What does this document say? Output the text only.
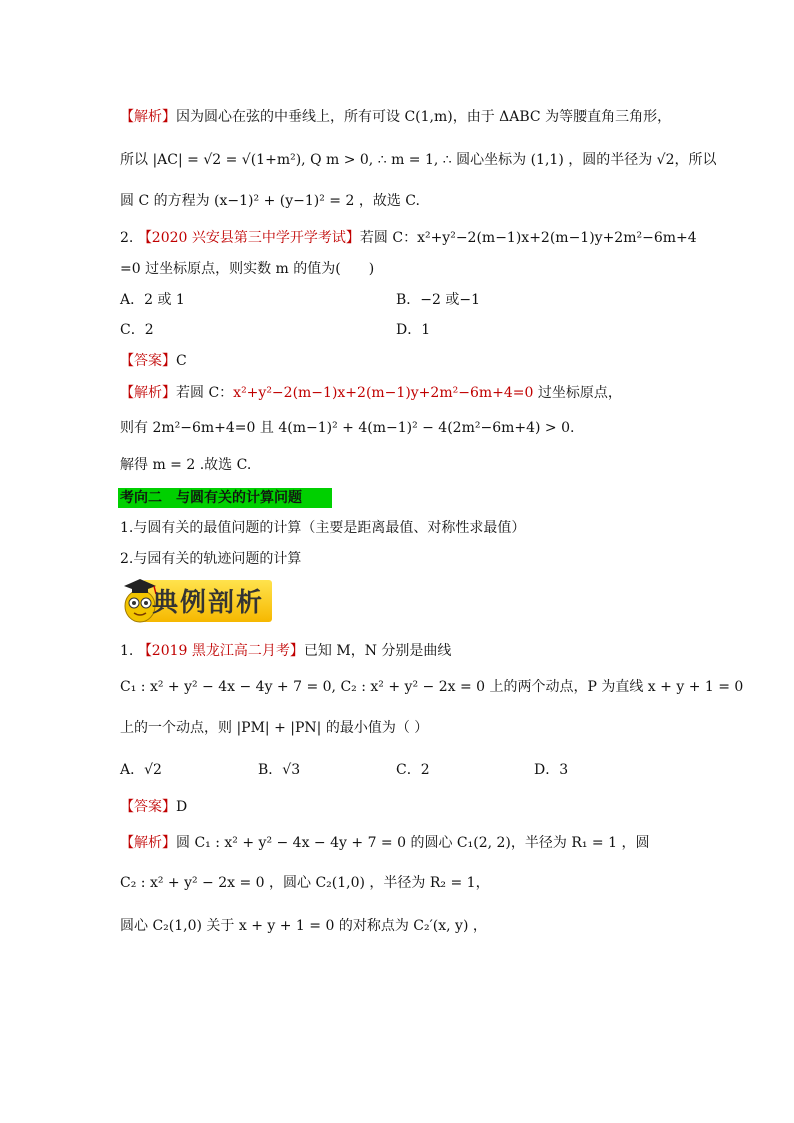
【解析】因为圆心在弦的中垂线上，所有可设 C(1,m)，由于 ΔABC 为等腰直角三角形，
所以 |AC| = √2 = √(1+m²), Q m > 0, ∴ m = 1, ∴ 圆心坐标为 (1,1) ，圆的半径为 √2，所以
圆 C 的方程为 (x−1)² + (y−1)² = 2 ，故选 C.
2. 【2020 兴安县第三中学开学考试】若圆 C：x²+y²−2(m−1)x+2(m−1)y+2m²−6m+4
=0 过坐标原点，则实数 m 的值为(　　)
A．2 或 1	B．−2 或−1
C．2	D．1
【答案】C
【解析】若圆 C：x²+y²−2(m−1)x+2(m−1)y+2m²−6m+4=0 过坐标原点，
则有 2m²−6m+4=0 且 4(m−1)² + 4(m−1)² − 4(2m²−6m+4) > 0.
解得 m = 2 .故选 C.
考向二　与圆有关的计算问题
1.与圆有关的最值问题的计算（主要是距离最值、对称性求最值）
2.与园有关的轨迹问题的计算
典例剖析
1. 【2019 黑龙江高二月考】已知 M，N 分别是曲线
C₁ : x² + y² − 4x − 4y + 7 = 0, C₂ : x² + y² − 2x = 0 上的两个动点，P 为直线 x + y + 1 = 0
上的一个动点，则 |PM| + |PN| 的最小值为（ ）
A．√2	B．√3	C．2	D．3
【答案】D
【解析】圆 C₁ : x² + y² − 4x − 4y + 7 = 0 的圆心 C₁(2, 2)，半径为 R₁ = 1 ，圆
C₂ : x² + y² − 2x = 0 ，圆心 C₂(1,0) ，半径为 R₂ = 1，
圆心 C₂(1,0) 关于 x + y + 1 = 0 的对称点为 C₂′(x, y) ，
